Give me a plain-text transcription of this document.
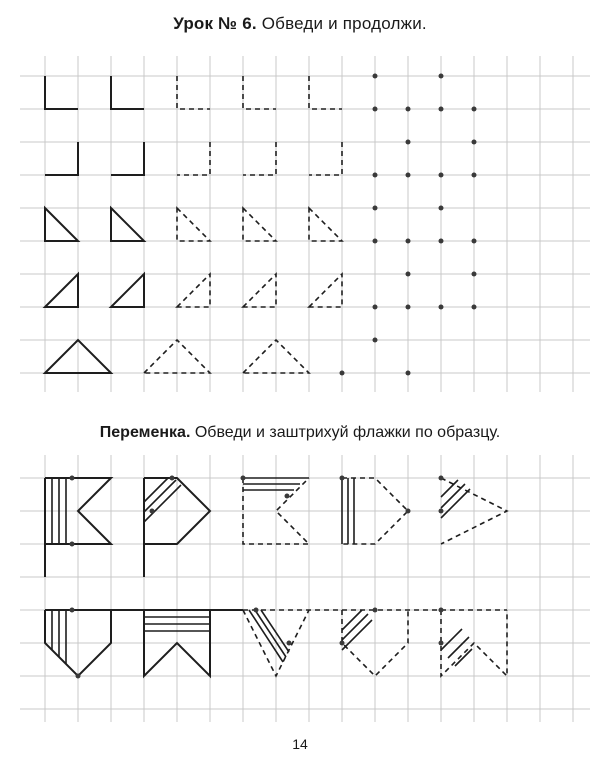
Урок № 6. Обведи и продолжи.
Переменка. Обведи и заштрихуй флажки по образцу.
14
